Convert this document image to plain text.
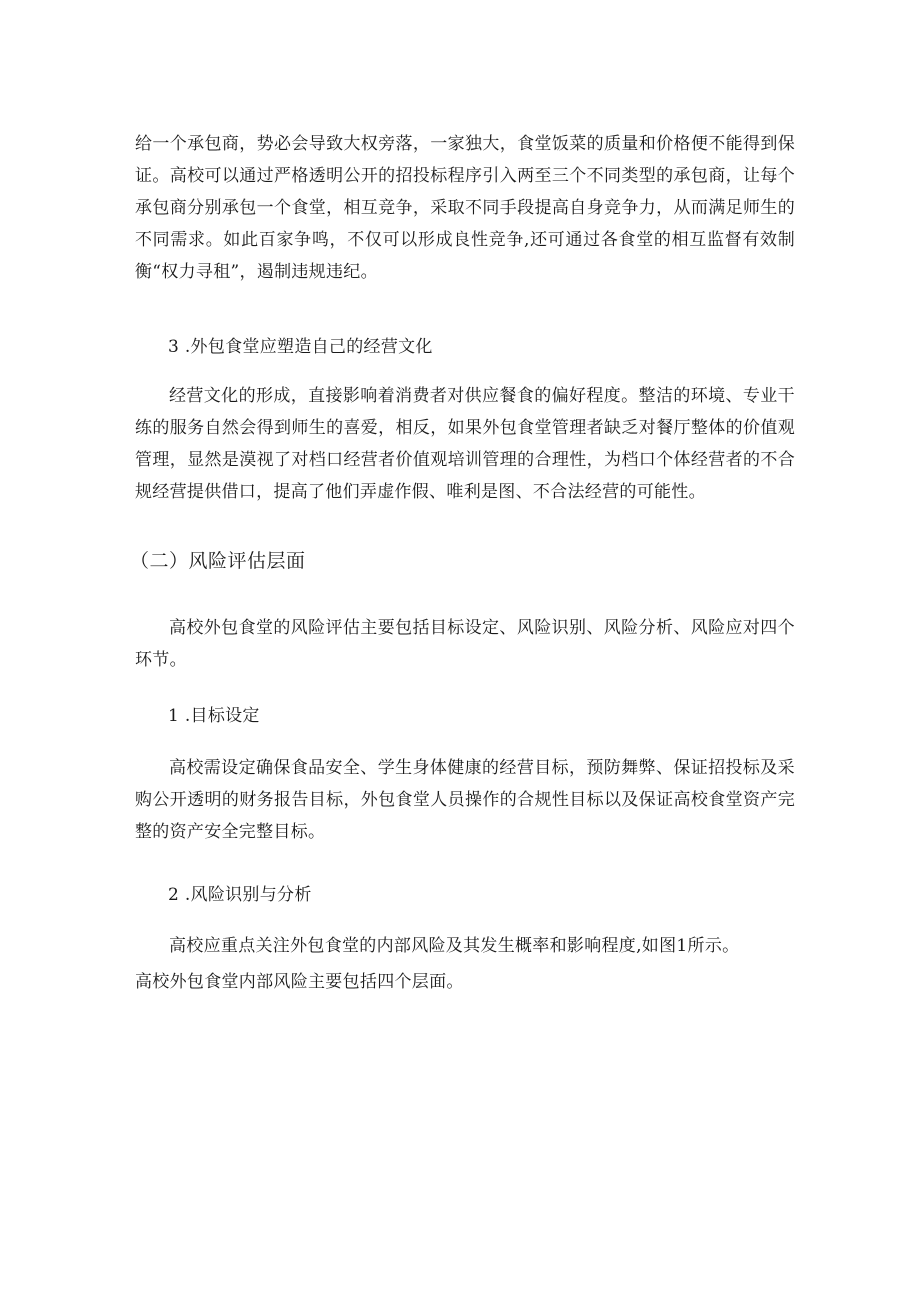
给一个承包商，势必会导致大权旁落，一家独大，食堂饭菜的质量和价格便不能得到保证。高校可以通过严格透明公开的招投标程序引入两至三个不同类型的承包商，让每个承包商分别承包一个食堂，相互竞争，采取不同手段提高自身竞争力，从而满足师生的不同需求。如此百家争鸣，不仅可以形成良性竞争,还可通过各食堂的相互监督有效制衡“权力寻租”，遏制违规违纪。

3 .外包食堂应塑造自己的经营文化

经营文化的形成，直接影响着消费者对供应餐食的偏好程度。整洁的环境、专业干练的服务自然会得到师生的喜爱，相反，如果外包食堂管理者缺乏对餐厅整体的价值观管理，显然是漠视了对档口经营者价值观培训管理的合理性，为档口个体经营者的不合规经营提供借口，提高了他们弄虚作假、唯利是图、不合法经营的可能性。

（二）风险评估层面

高校外包食堂的风险评估主要包括目标设定、风险识别、风险分析、风险应对四个环节。

1 .目标设定

高校需设定确保食品安全、学生身体健康的经营目标，预防舞弊、保证招投标及采购公开透明的财务报告目标，外包食堂人员操作的合规性目标以及保证高校食堂资产完整的资产安全完整目标。

2 .风险识别与分析

高校应重点关注外包食堂的内部风险及其发生概率和影响程度,如图1所示。

高校外包食堂内部风险主要包括四个层面。
